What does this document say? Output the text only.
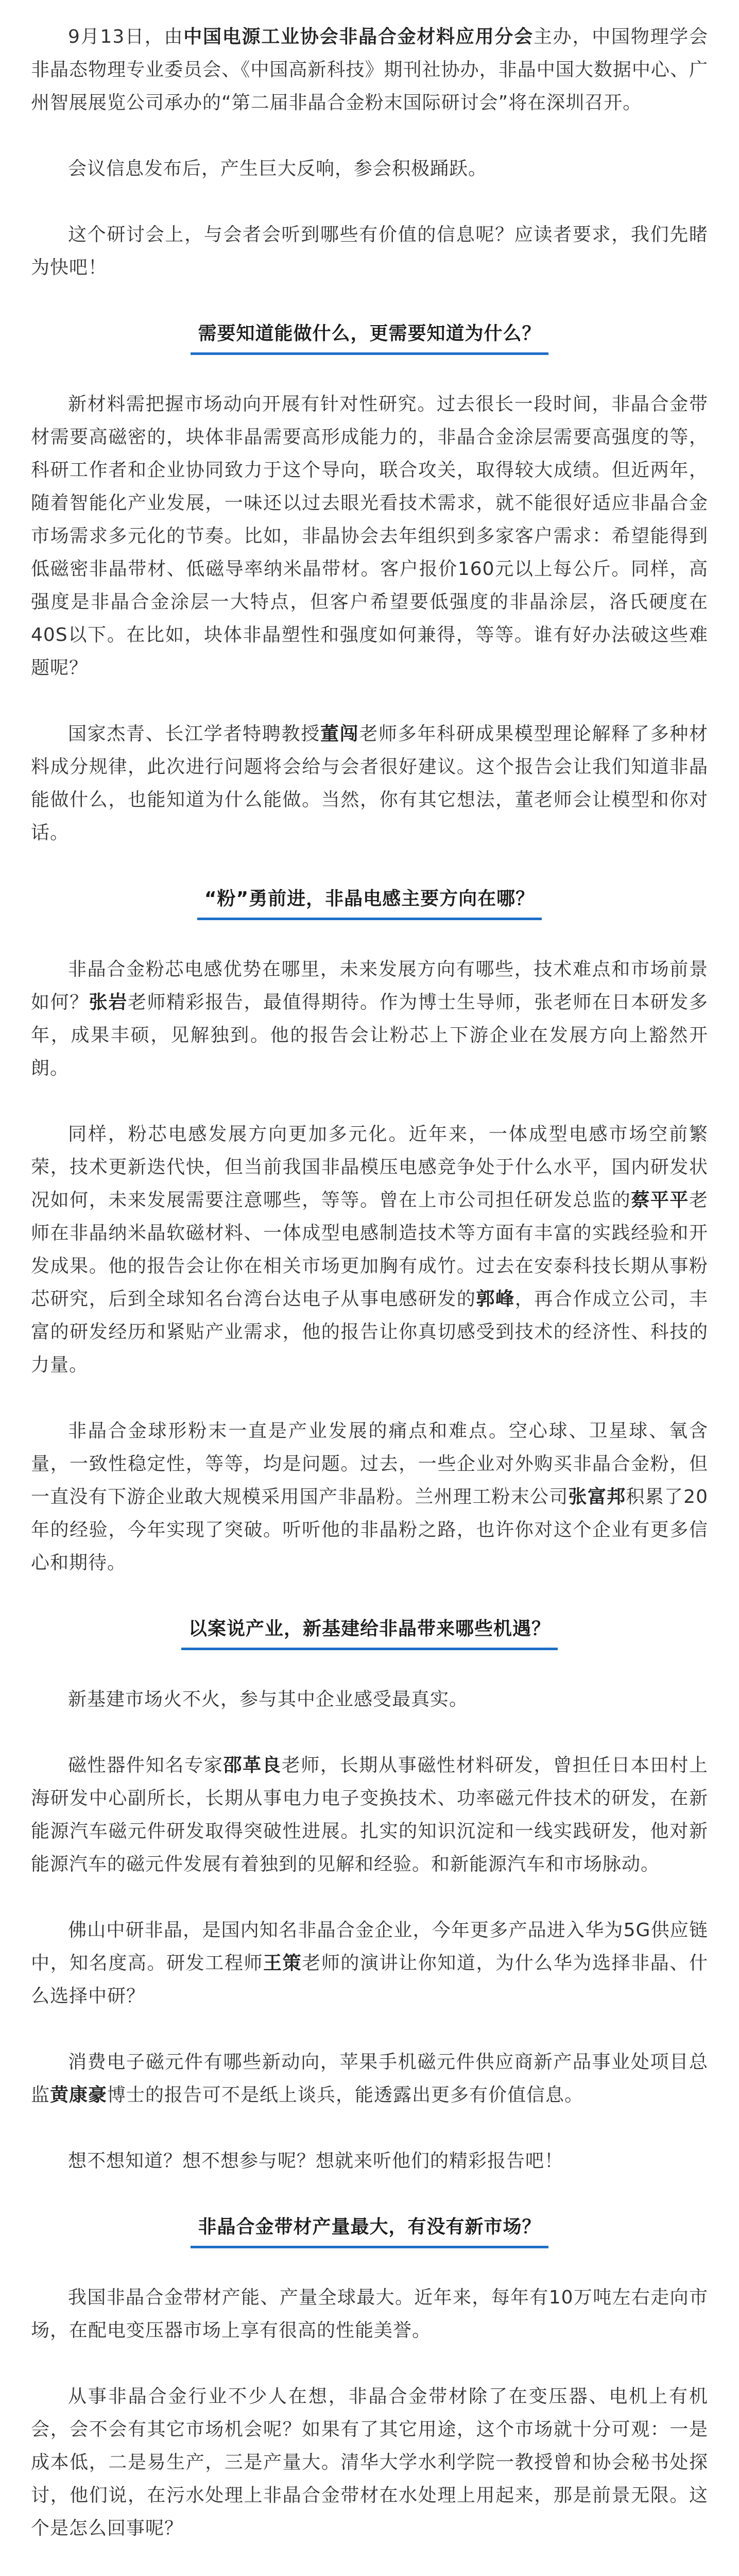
9月13日，由中国电源工业协会非晶合金材料应用分会主办，中国物理学会非晶态物理专业委员会、《中国高新科技》期刊社协办，非晶中国大数据中心、广州智展展览公司承办的“第二届非晶合金粉末国际研讨会”将在深圳召开。

会议信息发布后，产生巨大反响，参会积极踊跃。

这个研讨会上，与会者会听到哪些有价值的信息呢？应读者要求，我们先睹为快吧！

需要知道能做什么，更需要知道为什么？

新材料需把握市场动向开展有针对性研究。过去很长一段时间，非晶合金带材需要高磁密的，块体非晶需要高形成能力的，非晶合金涂层需要高强度的等，科研工作者和企业协同致力于这个导向，联合攻关，取得较大成绩。但近两年，随着智能化产业发展，一味还以过去眼光看技术需求，就不能很好适应非晶合金市场需求多元化的节奏。比如，非晶协会去年组织到多家客户需求：希望能得到低磁密非晶带材、低磁导率纳米晶带材。客户报价160元以上每公斤。同样，高强度是非晶合金涂层一大特点，但客户希望要低强度的非晶涂层，洛氏硬度在40S以下。在比如，块体非晶塑性和强度如何兼得，等等。谁有好办法破这些难题呢？

国家杰青、长江学者特聘教授董闯老师多年科研成果模型理论解释了多种材料成分规律，此次进行问题将会给与会者很好建议。这个报告会让我们知道非晶能做什么，也能知道为什么能做。当然，你有其它想法，董老师会让模型和你对话。

“粉”勇前进，非晶电感主要方向在哪？

非晶合金粉芯电感优势在哪里，未来发展方向有哪些，技术难点和市场前景如何？张岩老师精彩报告，最值得期待。作为博士生导师，张老师在日本研发多年，成果丰硕，见解独到。他的报告会让粉芯上下游企业在发展方向上豁然开朗。

同样，粉芯电感发展方向更加多元化。近年来，一体成型电感市场空前繁荣，技术更新迭代快，但当前我国非晶模压电感竞争处于什么水平，国内研发状况如何，未来发展需要注意哪些，等等。曾在上市公司担任研发总监的蔡平平老师在非晶纳米晶软磁材料、一体成型电感制造技术等方面有丰富的实践经验和开发成果。他的报告会让你在相关市场更加胸有成竹。过去在安泰科技长期从事粉芯研究，后到全球知名台湾台达电子从事电感研发的郭峰，再合作成立公司，丰富的研发经历和紧贴产业需求，他的报告让你真切感受到技术的经济性、科技的力量。

非晶合金球形粉末一直是产业发展的痛点和难点。空心球、卫星球、氧含量，一致性稳定性，等等，均是问题。过去，一些企业对外购买非晶合金粉，但一直没有下游企业敢大规模采用国产非晶粉。兰州理工粉末公司张富邦积累了20年的经验，今年实现了突破。听听他的非晶粉之路，也许你对这个企业有更多信心和期待。

以案说产业，新基建给非晶带来哪些机遇？

新基建市场火不火，参与其中企业感受最真实。

磁性器件知名专家邵革良老师，长期从事磁性材料研发，曾担任日本田村上海研发中心副所长，长期从事电力电子变换技术、功率磁元件技术的研发，在新能源汽车磁元件研发取得突破性进展。扎实的知识沉淀和一线实践研发，他对新能源汽车的磁元件发展有着独到的见解和经验。和新能源汽车和市场脉动。

佛山中研非晶，是国内知名非晶合金企业，今年更多产品进入华为5G供应链中，知名度高。研发工程师王策老师的演讲让你知道，为什么华为选择非晶、什么选择中研？

消费电子磁元件有哪些新动向，苹果手机磁元件供应商新产品事业处项目总监黄康豪博士的报告可不是纸上谈兵，能透露出更多有价值信息。

想不想知道？想不想参与呢？想就来听他们的精彩报告吧！

非晶合金带材产量最大，有没有新市场？

我国非晶合金带材产能、产量全球最大。近年来，每年有10万吨左右走向市场，在配电变压器市场上享有很高的性能美誉。

从事非晶合金行业不少人在想，非晶合金带材除了在变压器、电机上有机会，会不会有其它市场机会呢？如果有了其它用途，这个市场就十分可观：一是成本低，二是易生产，三是产量大。清华大学水利学院一教授曾和协会秘书处探讨，他们说，在污水处理上非晶合金带材在水处理上用起来，那是前景无限。这个是怎么回事呢？
